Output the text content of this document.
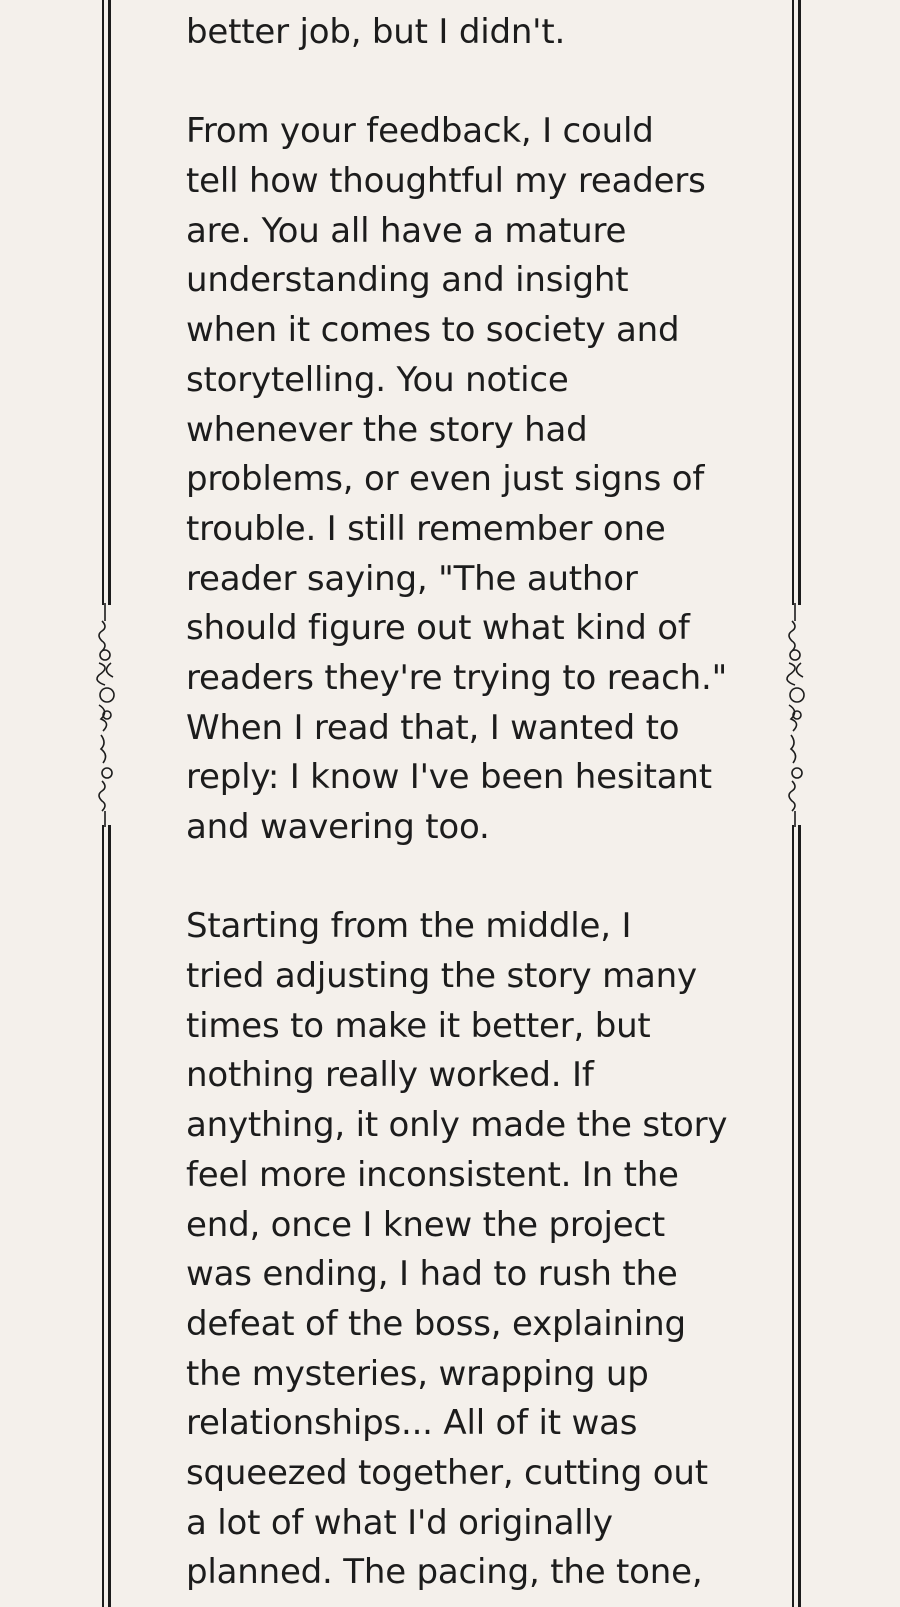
better job, but I didn't.
From your feedback, I could
tell how thoughtful my readers
are. You all have a mature
understanding and insight
when it comes to society and
storytelling. You notice
whenever the story had
problems, or even just signs of
trouble. I still remember one
reader saying, "The author
should figure out what kind of
readers they're trying to reach."
When I read that, I wanted to
reply: I know I've been hesitant
and wavering too.
Starting from the middle, I
tried adjusting the story many
times to make it better, but
nothing really worked. If
anything, it only made the story
feel more inconsistent. In the
end, once I knew the project
was ending, I had to rush the
defeat of the boss, explaining
the mysteries, wrapping up
relationships... All of it was
squeezed together, cutting out
a lot of what I'd originally
planned. The pacing, the tone,
